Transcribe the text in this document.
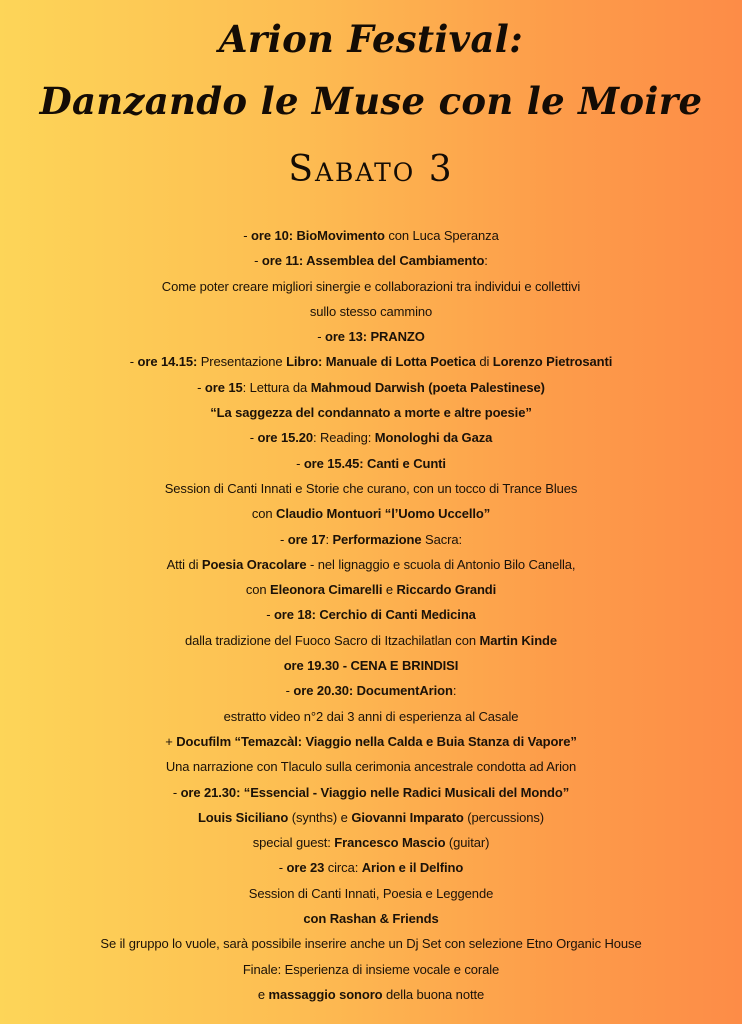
Arion Festival:
Danzando le Muse con le Moire
Sabato 3
- ore 10: BioMovimento con Luca Speranza
- ore 11: Assemblea del Cambiamento:
Come poter creare migliori sinergie e collaborazioni tra individui e collettivi
sullo stesso cammino
- ore 13: PRANZO
- ore 14.15: Presentazione Libro: Manuale di Lotta Poetica di Lorenzo Pietrosanti
- ore 15: Lettura da Mahmoud Darwish (poeta Palestinese)
“La saggezza del condannato a morte e altre poesie”
- ore 15.20: Reading: Monologhi da Gaza
- ore 15.45: Canti e Cunti
Session di Canti Innati e Storie che curano, con un tocco di Trance Blues
con Claudio Montuori “l’Uomo Uccello”
- ore 17: Performazione Sacra:
Atti di Poesia Oracolare - nel lignaggio e scuola di Antonio Bilo Canella,
con Eleonora Cimarelli e Riccardo Grandi
- ore 18: Cerchio di Canti Medicina
dalla tradizione del Fuoco Sacro di Itzachilatlan con Martin Kinde
ore 19.30 - CENA E BRINDISI
- ore 20.30: DocumentArion:
estratto video n°2 dai 3 anni di esperienza al Casale
+ Docufilm “Temazcàl: Viaggio nella Calda e Buia Stanza di Vapore”
Una narrazione con Tlaculo sulla cerimonia ancestrale condotta ad Arion
- ore 21.30: “Essencial - Viaggio nelle Radici Musicali del Mondo”
Louis Siciliano (synths) e Giovanni Imparato (percussions)
special guest: Francesco Mascio (guitar)
- ore 23 circa: Arion e il Delfino
Session di Canti Innati, Poesia e Leggende
con Rashan & Friends
Se il gruppo lo vuole, sarà possibile inserire anche un Dj Set con selezione Etno Organic House
Finale: Esperienza di insieme vocale e corale
e massaggio sonoro della buona notte
